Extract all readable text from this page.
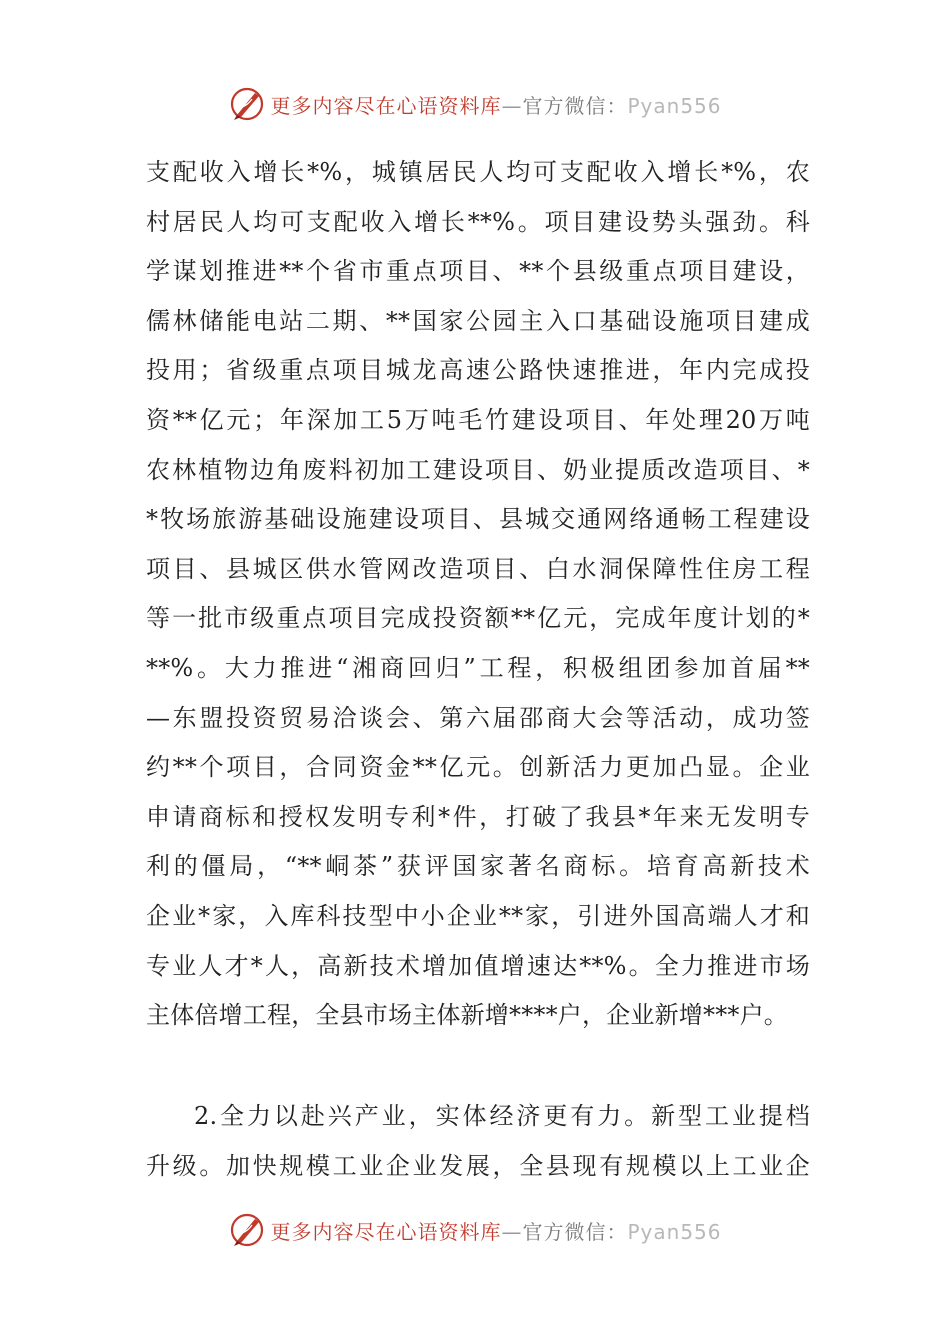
更多内容尽在心语资料库—官方微信：Pyan556
支配收入增长*%，城镇居民人均可支配收入增长*%，农
村居民人均可支配收入增长**%。项目建设势头强劲。科
学谋划推进**个省市重点项目、**个县级重点项目建设，
儒林储能电站二期、**国家公园主入口基础设施项目建成
投用；省级重点项目城龙高速公路快速推进，年内完成投
资**亿元；年深加工5万吨毛竹建设项目、年处理20万吨
农林植物边角废料初加工建设项目、奶业提质改造项目、*
*牧场旅游基础设施建设项目、县城交通网络通畅工程建设
项目、县城区供水管网改造项目、白水洞保障性住房工程
等一批市级重点项目完成投资额**亿元，完成年度计划的*
**%。大力推进“湘商回归”工程，积极组团参加首届**
—东盟投资贸易洽谈会、第六届邵商大会等活动，成功签
约**个项目，合同资金**亿元。创新活力更加凸显。企业
申请商标和授权发明专利*件，打破了我县*年来无发明专
利的僵局，“**峒茶”获评国家著名商标。培育高新技术
企业*家，入库科技型中小企业**家，引进外国高端人才和
专业人才*人，高新技术增加值增速达**%。全力推进市场
主体倍增工程，全县市场主体新增****户，企业新增***户。
2.全力以赴兴产业，实体经济更有力。新型工业提档
升级。加快规模工业企业发展，全县现有规模以上工业企
更多内容尽在心语资料库—官方微信：Pyan556
